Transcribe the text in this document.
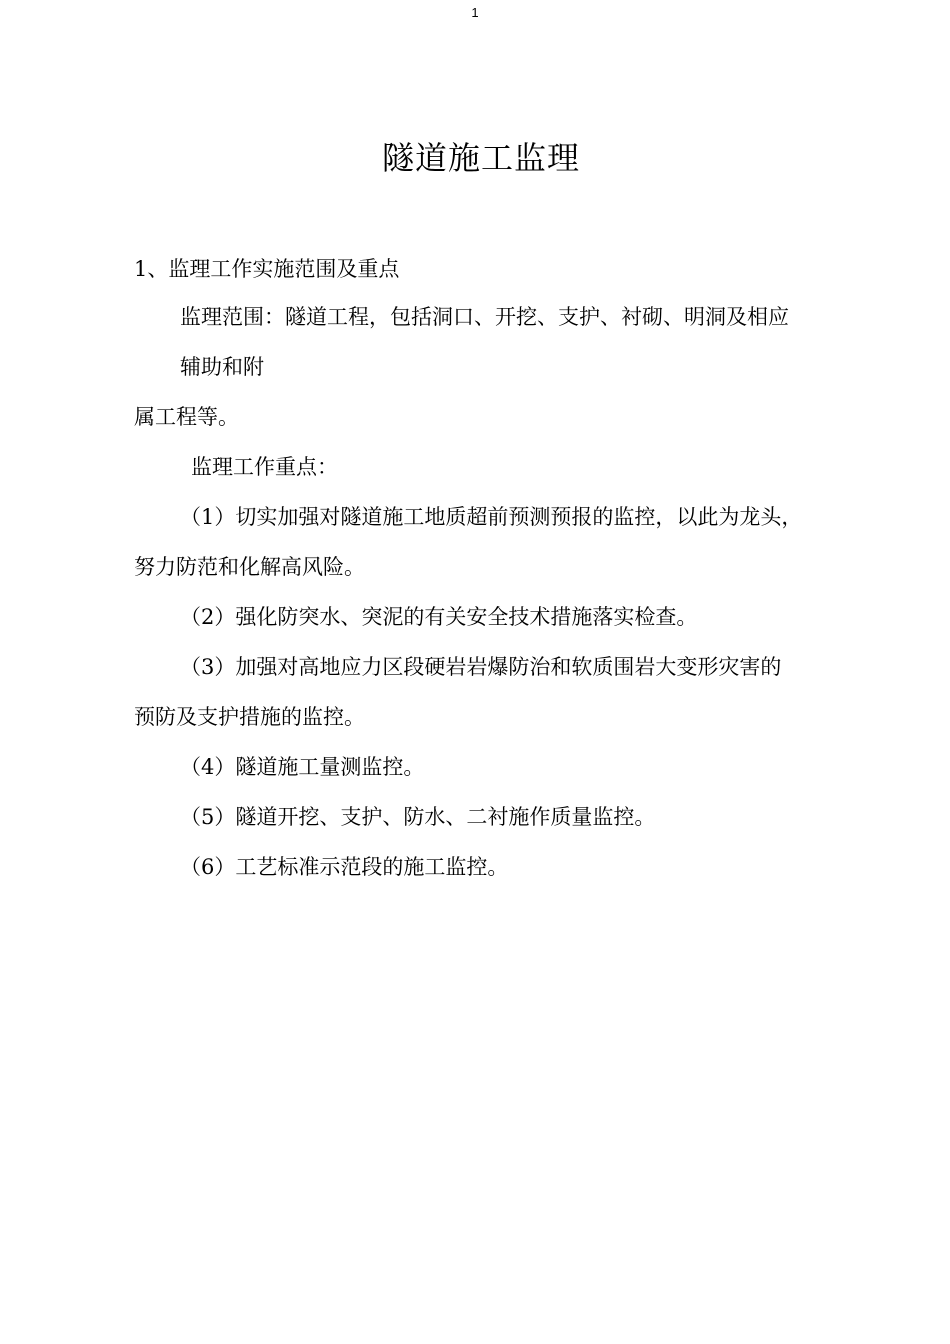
1
隧道施工监理
1、监理工作实施范围及重点
监理范围：隧道工程，包括洞口、开挖、支护、衬砌、明洞及相应
辅助和附
属工程等。
监理工作重点：
（1）切实加强对隧道施工地质超前预测预报的监控，以此为龙头，
努力防范和化解高风险。
（2）强化防突水、突泥的有关安全技术措施落实检查。
（3）加强对高地应力区段硬岩岩爆防治和软质围岩大变形灾害的
预防及支护措施的监控。
（4）隧道施工量测监控。
（5）隧道开挖、支护、防水、二衬施作质量监控。
（6）工艺标准示范段的施工监控。
